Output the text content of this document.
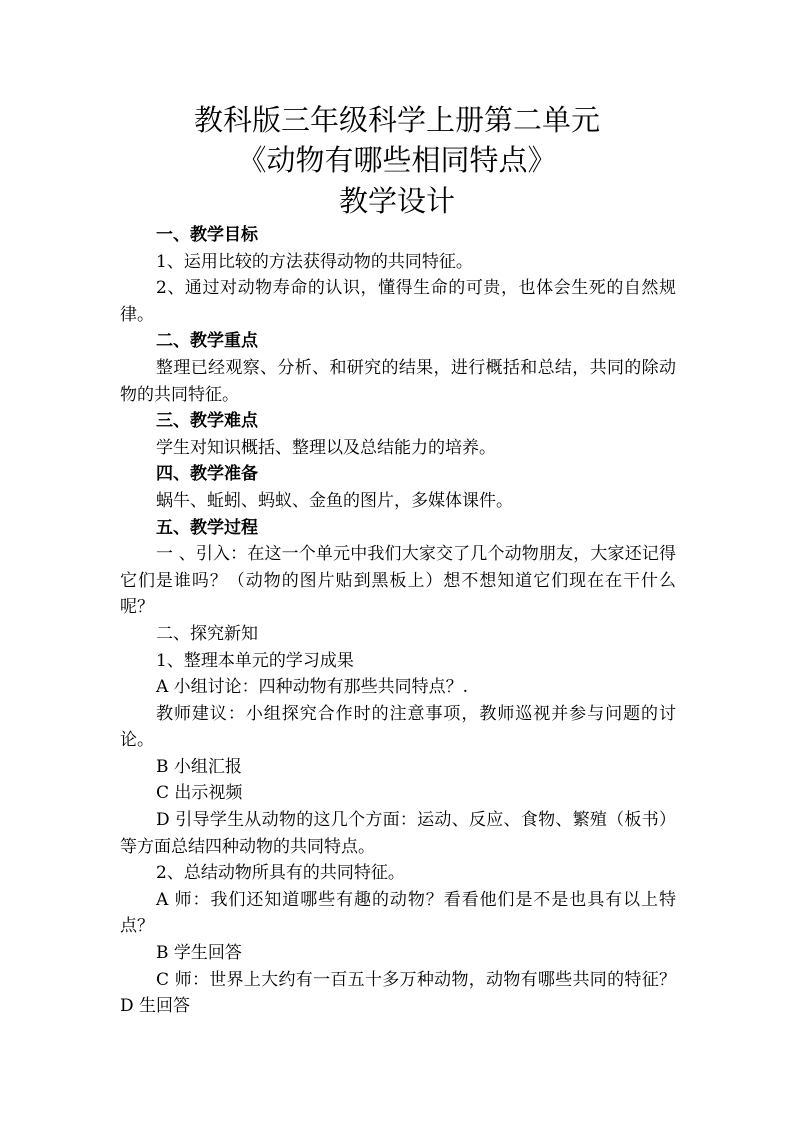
教科版三年级科学上册第二单元
《动物有哪些相同特点》
教学设计

一、教学目标

1、运用比较的方法获得动物的共同特征。

2、通过对动物寿命的认识，懂得生命的可贵，也体会生死的自然规律。

二、教学重点

整理已经观察、分析、和研究的结果，进行概括和总结，共同的除动物的共同特征。

三、教学难点

学生对知识概括、整理以及总结能力的培养。

四、教学准备

蜗牛、蚯蚓、蚂蚁、金鱼的图片，多媒体课件。

五、教学过程

一 、引入：在这一个单元中我们大家交了几个动物朋友，大家还记得它们是谁吗？（动物的图片贴到黑板上）想不想知道它们现在在干什么呢？

二、探究新知

1、整理本单元的学习成果

A 小组讨论：四种动物有那些共同特点？.

教师建议：小组探究合作时的注意事项，教师巡视并参与问题的讨论。

B 小组汇报

C 出示视频

D 引导学生从动物的这几个方面：运动、反应、食物、繁殖（板书）等方面总结四种动物的共同特点。

2、总结动物所具有的共同特征。

A 师：我们还知道哪些有趣的动物？看看他们是不是也具有以上特点？

B 学生回答

C 师：世界上大约有一百五十多万种动物，动物有哪些共同的特征？D 生回答
